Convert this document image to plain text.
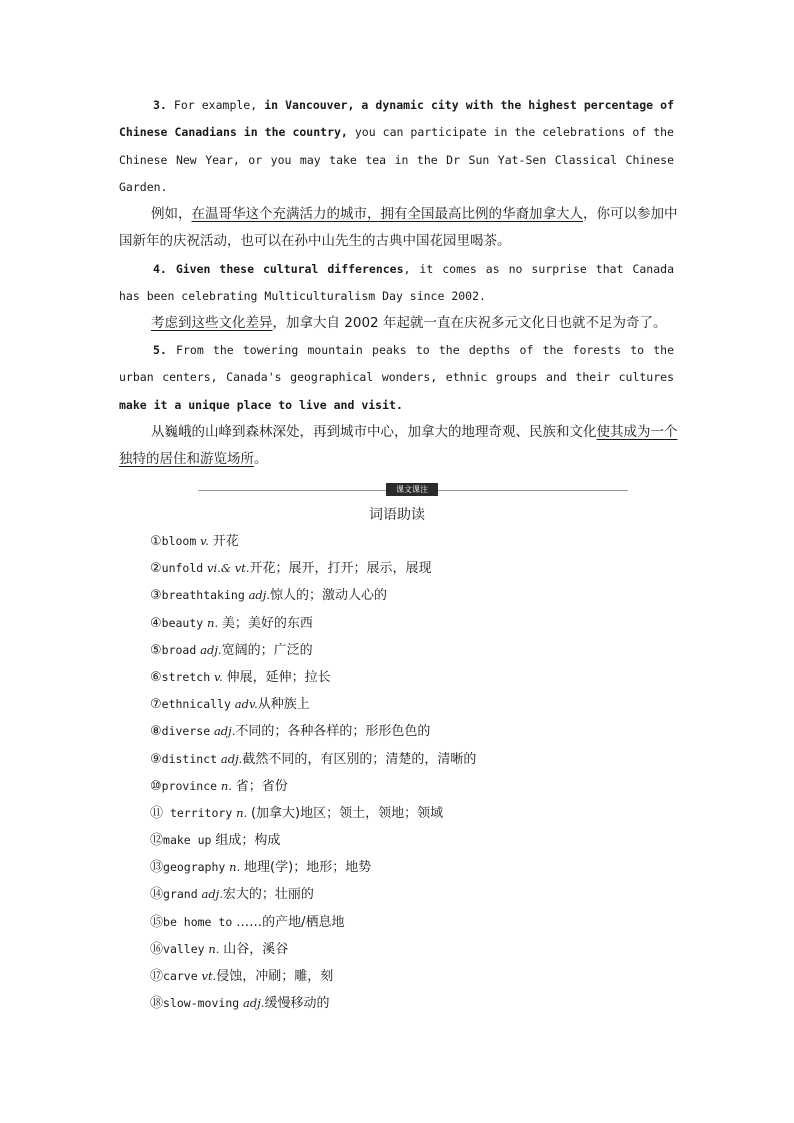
3. For example, in Vancouver, a dynamic city with the highest percentage of Chinese Canadians in the country, you can participate in the celebrations of the Chinese New Year, or you may take tea in the Dr Sun Yat-Sen Classical Chinese Garden.

例如，在温哥华这个充满活力的城市，拥有全国最高比例的华裔加拿大人，你可以参加中国新年的庆祝活动，也可以在孙中山先生的古典中国花园里喝茶。

4. Given these cultural differences, it comes as no surprise that Canada has been celebrating Multiculturalism Day since 2002.

考虑到这些文化差异，加拿大自 2002 年起就一直在庆祝多元文化日也就不足为奇了。

5. From the towering mountain peaks to the depths of the forests to the urban centers, Canada's geographical wonders, ethnic groups and their cultures make it a unique place to live and visit.

从巍峨的山峰到森林深处，再到城市中心，加拿大的地理奇观、民族和文化使其成为一个独特的居住和游览场所。

课文课注
词语助读
①bloom v. 开花
②unfold vi.& vt.开花；展开，打开；展示，展现
③breathtaking adj.惊人的；激动人心的
④beauty n. 美；美好的东西
⑤broad adj.宽阔的；广泛的
⑥stretch v. 伸展，延伸；拉长
⑦ethnically adv.从种族上
⑧diverse adj.不同的；各种各样的；形形色色的
⑨distinct adj.截然不同的，有区别的；清楚的，清晰的
⑩province n. 省；省份
⑪ territory n. (加拿大)地区；领土，领地；领域
⑫make up 组成；构成
⑬geography n. 地理(学)；地形；地势
⑭grand adj.宏大的；壮丽的
⑮be home to ……的产地/栖息地
⑯valley n. 山谷，溪谷
⑰carve vt.侵蚀，冲刷；雕，刻
⑱slow-moving adj.缓慢移动的
